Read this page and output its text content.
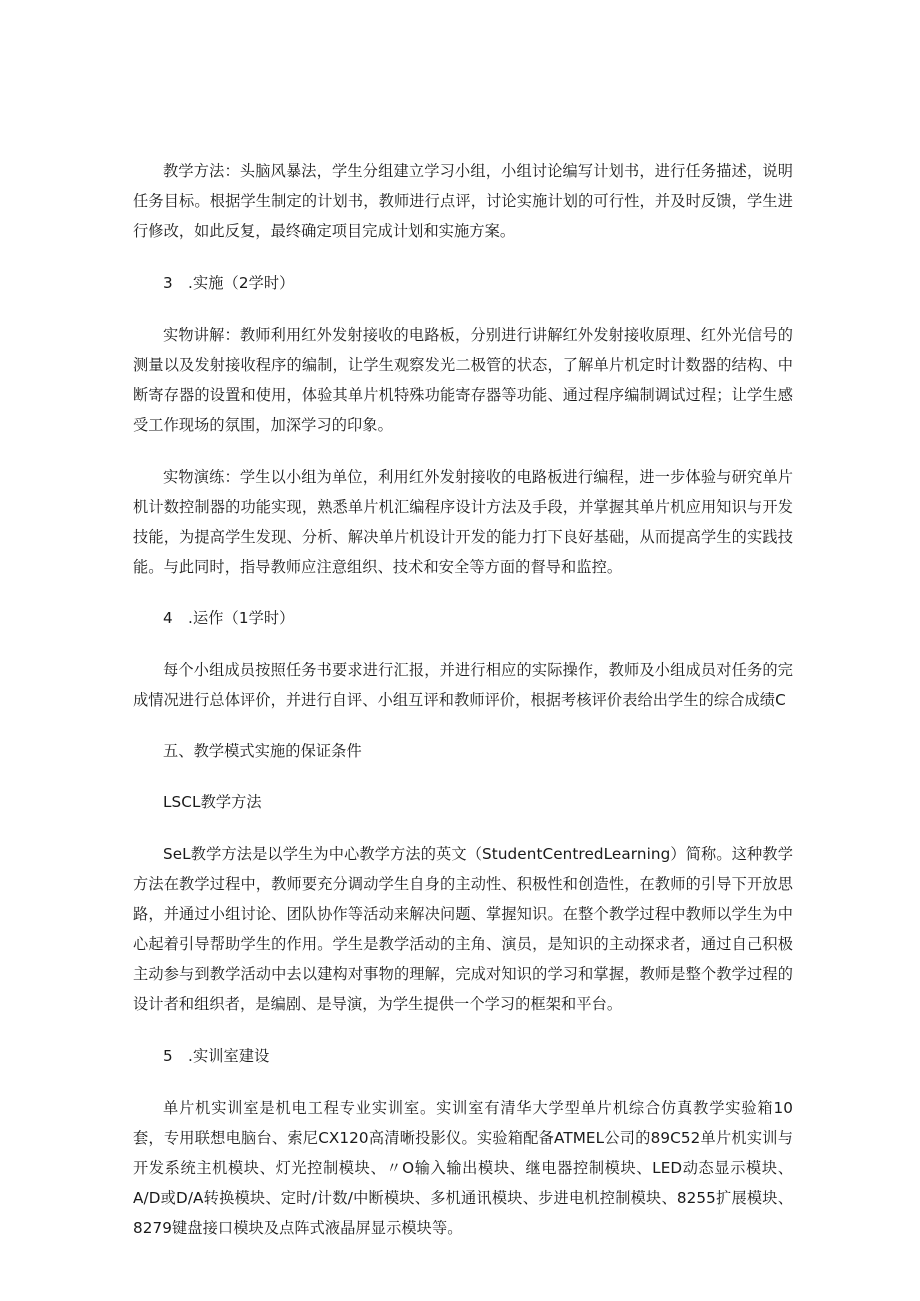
教学方法：头脑风暴法，学生分组建立学习小组，小组讨论编写计划书，进行任务描述，说明任务目标。根据学生制定的计划书，教师进行点评，讨论实施计划的可行性，并及时反馈，学生进行修改，如此反复，最终确定项目完成计划和实施方案。

3　.实施（2学时）

实物讲解：教师利用红外发射接收的电路板，分别进行讲解红外发射接收原理、红外光信号的测量以及发射接收程序的编制，让学生观察发光二极管的状态，了解单片机定时计数器的结构、中断寄存器的设置和使用，体验其单片机特殊功能寄存器等功能、通过程序编制调试过程；让学生感受工作现场的氛围，加深学习的印象。

实物演练：学生以小组为单位，利用红外发射接收的电路板进行编程，进一步体验与研究单片机计数控制器的功能实现，熟悉单片机汇编程序设计方法及手段，并掌握其单片机应用知识与开发技能，为提高学生发现、分析、解决单片机设计开发的能力打下良好基础，从而提高学生的实践技能。与此同时，指导教师应注意组织、技术和安全等方面的督导和监控。

4　.运作（1学时）

每个小组成员按照任务书要求进行汇报，并进行相应的实际操作，教师及小组成员对任务的完成情况进行总体评价，并进行自评、小组互评和教师评价，根据考核评价表给出学生的综合成绩C

五、教学模式实施的保证条件

LSCL教学方法

SeL教学方法是以学生为中心教学方法的英文（StudentCentredLearning）简称。这种教学方法在教学过程中，教师要充分调动学生自身的主动性、积极性和创造性，在教师的引导下开放思路，并通过小组讨论、团队协作等活动来解决问题、掌握知识。在整个教学过程中教师以学生为中心起着引导帮助学生的作用。学生是教学活动的主角、演员，是知识的主动探求者，通过自己积极主动参与到教学活动中去以建构对事物的理解，完成对知识的学习和掌握，教师是整个教学过程的设计者和组织者，是编剧、是导演，为学生提供一个学习的框架和平台。

5　.实训室建设

单片机实训室是机电工程专业实训室。实训室有清华大学型单片机综合仿真教学实验箱10套，专用联想电脑台、索尼CX120高清晰投影仪。实验箱配备ATMEL公司的89C52单片机实训与开发系统主机模块、灯光控制模块、〃O输入输出模块、继电器控制模块、LED动态显示模块、A/D或D/A转换模块、定时/计数/中断模块、多机通讯模块、步进电机控制模块、8255扩展模块、8279键盘接口模块及点阵式液晶屏显示模块等。
